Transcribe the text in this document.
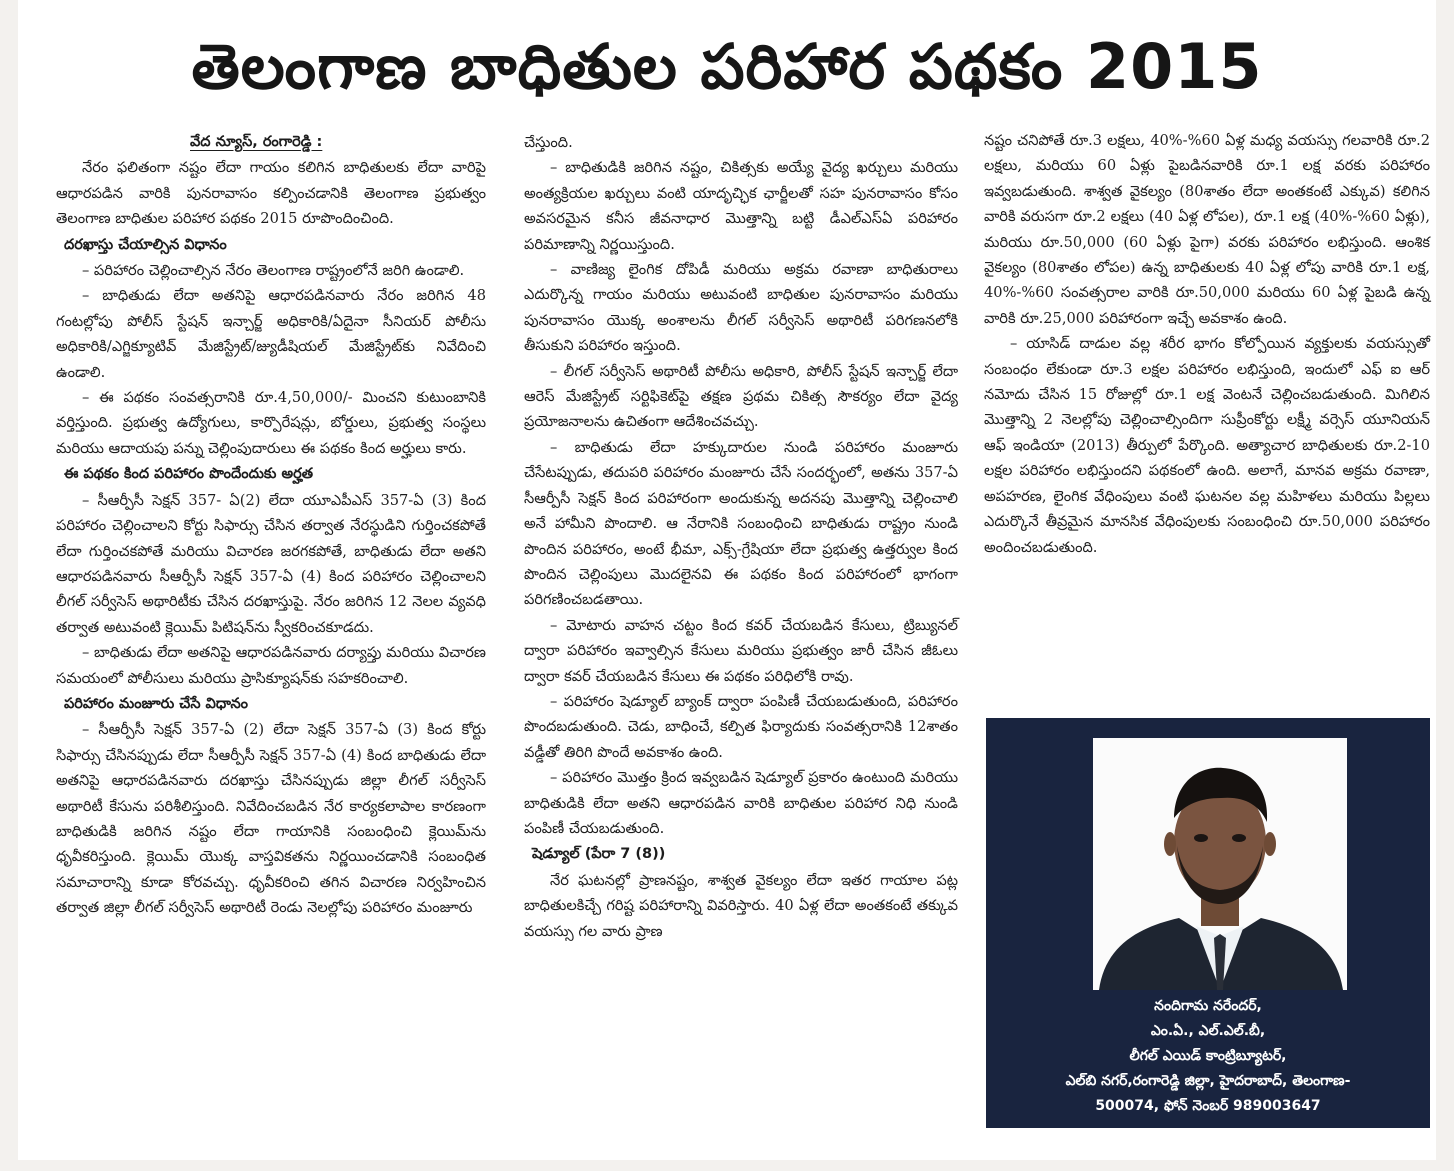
తెలంగాణ బాధితుల పరిహార పథకం 2015

వేద న్యూస్, రంగారెడ్డి :

నేరం ఫలితంగా నష్టం లేదా గాయం కలిగిన బాధితులకు లేదా వారిపై ఆధారపడిన వారికి పునరావాసం కల్పించడానికి తెలంగాణ ప్రభుత్వం తెలంగాణ బాధితుల పరిహార పథకం 2015 రూపొందించింది.

దరఖాస్తు చేయాల్సిన విధానం

– పరిహారం చెల్లించాల్సిన నేరం తెలంగాణ రాష్ట్రంలోనే జరిగి ఉండాలి.

– బాధితుడు లేదా అతనిపై ఆధారపడినవారు నేరం జరిగిన 48 గంటల్లోపు పోలీస్ స్టేషన్ ఇన్చార్జ్ అధికారికి/ఏదైనా సీనియర్ పోలీసు అధికారికి/ఎగ్జిక్యూటివ్ మేజిస్ట్రేట్/జ్యుడీషియల్ మేజిస్ట్రేట్‌కు నివేదించి ఉండాలి.

– ఈ పథకం సంవత్సరానికి రూ.4,50,000/- మించని కుటుంబానికి వర్తిస్తుంది. ప్రభుత్వ ఉద్యోగులు, కార్పొరేషన్లు, బోర్డులు, ప్రభుత్వ సంస్థలు మరియు ఆదాయపు పన్ను చెల్లింపుదారులు ఈ పథకం కింద అర్హులు కారు.

ఈ పథకం కింద పరిహారం పొందేందుకు అర్హత

– సీఆర్పీసీ సెక్షన్ 357- ఏ(2) లేదా యూఎపీఎస్ 357-ఏ (3) కింద పరిహారం చెల్లించాలని కోర్టు సిఫార్సు చేసిన తర్వాత నేరస్థుడిని గుర్తించకపోతే లేదా గుర్తించకపోతే మరియు విచారణ జరగకపోతే, బాధితుడు లేదా అతని ఆధారపడినవారు సీఆర్పీసీ సెక్షన్ 357-ఏ (4) కింద పరిహారం చెల్లించాలని లీగల్ సర్వీసెస్ అథారిటీకు చేసిన దరఖాస్తుపై. నేరం జరిగిన 12 నెలల వ్యవధి తర్వాత అటువంటి క్లెయిమ్ పిటిషన్‌ను స్వీకరించకూడదు.

– బాధితుడు లేదా అతనిపై ఆధారపడినవారు దర్యాప్తు మరియు విచారణ సమయంలో పోలీసులు మరియు ప్రాసిక్యూషన్‌కు సహకరించాలి.

పరిహారం మంజూరు చేసే విధానం

– సీఆర్పీసీ సెక్షన్ 357-ఏ (2) లేదా సెక్షన్ 357-ఏ (3) కింద కోర్టు సిఫార్సు చేసినప్పుడు లేదా సీఆర్పీసీ సెక్షన్ 357-ఏ (4) కింద బాధితుడు లేదా అతనిపై ఆధారపడినవారు దరఖాస్తు చేసినప్పుడు జిల్లా లీగల్ సర్వీసెస్ అథారిటీ కేసును పరిశీలిస్తుంది. నివేదించబడిన నేర కార్యకలాపాల కారణంగా బాధితుడికి జరిగిన నష్టం లేదా గాయానికి సంబంధించి క్లెయిమ్‌ను ధృవీకరిస్తుంది. క్లెయిమ్ యొక్క వాస్తవికతను నిర్ణయించడానికి సంబంధిత సమాచారాన్ని కూడా కోరవచ్చు. ధృవీకరించి తగిన విచారణ నిర్వహించిన తర్వాత జిల్లా లీగల్ సర్వీసెస్ అథారిటీ రెండు నెలల్లోపు పరిహారం మంజూరు

చేస్తుంది.

– బాధితుడికి జరిగిన నష్టం, చికిత్సకు అయ్యే వైద్య ఖర్చులు మరియు అంత్యక్రియల ఖర్చులు వంటి యాదృచ్ఛిక ఛార్జీలతో సహ పునరావాసం కోసం అవసరమైన కనీస జీవనాధార మొత్తాన్ని బట్టి డీఎల్ఎస్ఏ పరిహారం పరిమాణాన్ని నిర్ణయిస్తుంది.

– వాణిజ్య లైంగిక దోపిడీ మరియు అక్రమ రవాణా బాధితురాలు ఎదుర్కొన్న గాయం మరియు అటువంటి బాధితుల పునరావాసం మరియు పునరావాసం యొక్క అంశాలను లీగల్ సర్వీసెస్ అథారిటీ పరిగణనలోకి తీసుకుని పరిహారం ఇస్తుంది.

– లీగల్ సర్వీసెస్ అథారిటీ పోలీసు అధికారి, పోలీస్ స్టేషన్ ఇన్చార్జ్ లేదా ఆరెస్ మేజిస్ట్రేట్ సర్టిఫికెట్‌పై తక్షణ ప్రథమ చికిత్స సౌకర్యం లేదా వైద్య ప్రయోజనాలను ఉచితంగా ఆదేశించవచ్చు.

– బాధితుడు లేదా హక్కుదారుల నుండి పరిహారం మంజూరు చేసేటప్పుడు, తదుపరి పరిహారం మంజూరు చేసే సందర్భంలో, అతను 357-ఏ సీఆర్పీసీ సెక్షన్ కింద పరిహారంగా అందుకున్న అదనపు మొత్తాన్ని చెల్లించాలి అనే హామీని పొందాలి. ఆ నేరానికి సంబంధించి బాధితుడు రాష్ట్రం నుండి పొందిన పరిహారం, అంటే భీమా, ఎక్స్-గ్రేషియా లేదా ప్రభుత్వ ఉత్తర్వుల కింద పొందిన చెల్లింపులు మొదలైనవి ఈ పథకం కింద పరిహారంలో భాగంగా పరిగణించబడతాయి.

– మోటారు వాహన చట్టం కింద కవర్ చేయబడిన కేసులు, ట్రిబ్యునల్ ద్వారా పరిహారం ఇవ్వాల్సిన కేసులు మరియు ప్రభుత్వం జారీ చేసిన జీఓలు ద్వారా కవర్ చేయబడిన కేసులు ఈ పథకం పరిధిలోకి రావు.

– పరిహారం షెడ్యూల్ బ్యాంక్ ద్వారా పంపిణీ చేయబడుతుంది, పరిహారం పొందబడుతుంది. చెడు, బాధించే, కల్పిత ఫిర్యాదుకు సంవత్సరానికి 12శాతం వడ్డీతో తిరిగి పొందే అవకాశం ఉంది.

– పరిహారం మొత్తం క్రింద ఇవ్వబడిన షెడ్యూల్ ప్రకారం ఉంటుంది మరియు బాధితుడికి లేదా అతని ఆధారపడిన వారికి బాధితుల పరిహార నిధి నుండి పంపిణీ చేయబడుతుంది.

షెడ్యూల్ (పేరా 7 (8))

నేర ఘటనల్లో ప్రాణనష్టం, శాశ్వత వైకల్యం లేదా ఇతర గాయాల పట్ల బాధితులకిచ్చే గరిష్ట పరిహారాన్ని వివరిస్తారు. 40 ఏళ్ల లేదా అంతకంటే తక్కువ వయస్సు గల వారు ప్రాణ

నష్టం చనిపోతే రూ.3 లక్షలు, 40%-%60 ఏళ్ల మధ్య వయస్సు గలవారికి రూ.2 లక్షలు, మరియు 60 ఏళ్లు పైబడినవారికి రూ.1 లక్ష వరకు పరిహారం ఇవ్వబడుతుంది. శాశ్వత వైకల్యం (80శాతం లేదా అంతకంటే ఎక్కువ) కలిగిన వారికి వరుసగా రూ.2 లక్షలు (40 ఏళ్ల లోపల), రూ.1 లక్ష (40%-%60 ఏళ్లు), మరియు రూ.50,000 (60 ఏళ్లు పైగా) వరకు పరిహారం లభిస్తుంది. ఆంశిక వైకల్యం (80శాతం లోపల) ఉన్న బాధితులకు 40 ఏళ్ల లోపు వారికి రూ.1 లక్ష, 40%-%60 సంవత్సరాల వారికి రూ.50,000 మరియు 60 ఏళ్ల పైబడి ఉన్న వారికి రూ.25,000 పరిహారంగా ఇచ్చే అవకాశం ఉంది.

– యాసిడ్ దాడుల వల్ల శరీర భాగం కోల్పోయిన వ్యక్తులకు వయస్సుతో సంబంధం లేకుండా రూ.3 లక్షల పరిహారం లభిస్తుంది, ఇందులో ఎఫ్ ఐ ఆర్ నమోదు చేసిన 15 రోజుల్లో రూ.1 లక్ష వెంటనే చెల్లించబడుతుంది. మిగిలిన మొత్తాన్ని 2 నెలల్లోపు చెల్లించాల్సిందిగా సుప్రీంకోర్టు లక్ష్మీ వర్సెస్ యూనియన్ ఆఫ్ ఇండియా (2013) తీర్పులో పేర్కొంది. అత్యాచార బాధితులకు రూ.2-10 లక్షల పరిహారం లభిస్తుందని పథకంలో ఉంది. అలాగే, మానవ అక్రమ రవాణా, అపహరణ, లైంగిక వేధింపులు వంటి ఘటనల వల్ల మహిళలు మరియు పిల్లలు ఎదుర్కొనే తీవ్రమైన మానసిక వేధింపులకు సంబంధించి రూ.50,000 పరిహారం అందించబడుతుంది.

నందిగామ నరేందర్,
ఎం.ఏ., ఎల్.ఎల్.బీ,
లీగల్ ఎయిడ్ కాంట్రిబ్యూటర్,
ఎల్‌బి నగర్,రంగారెడ్డి జిల్లా, హైదరాబాద్, తెలంగాణ-
500074, ఫోన్ నెంబర్ 989003647
